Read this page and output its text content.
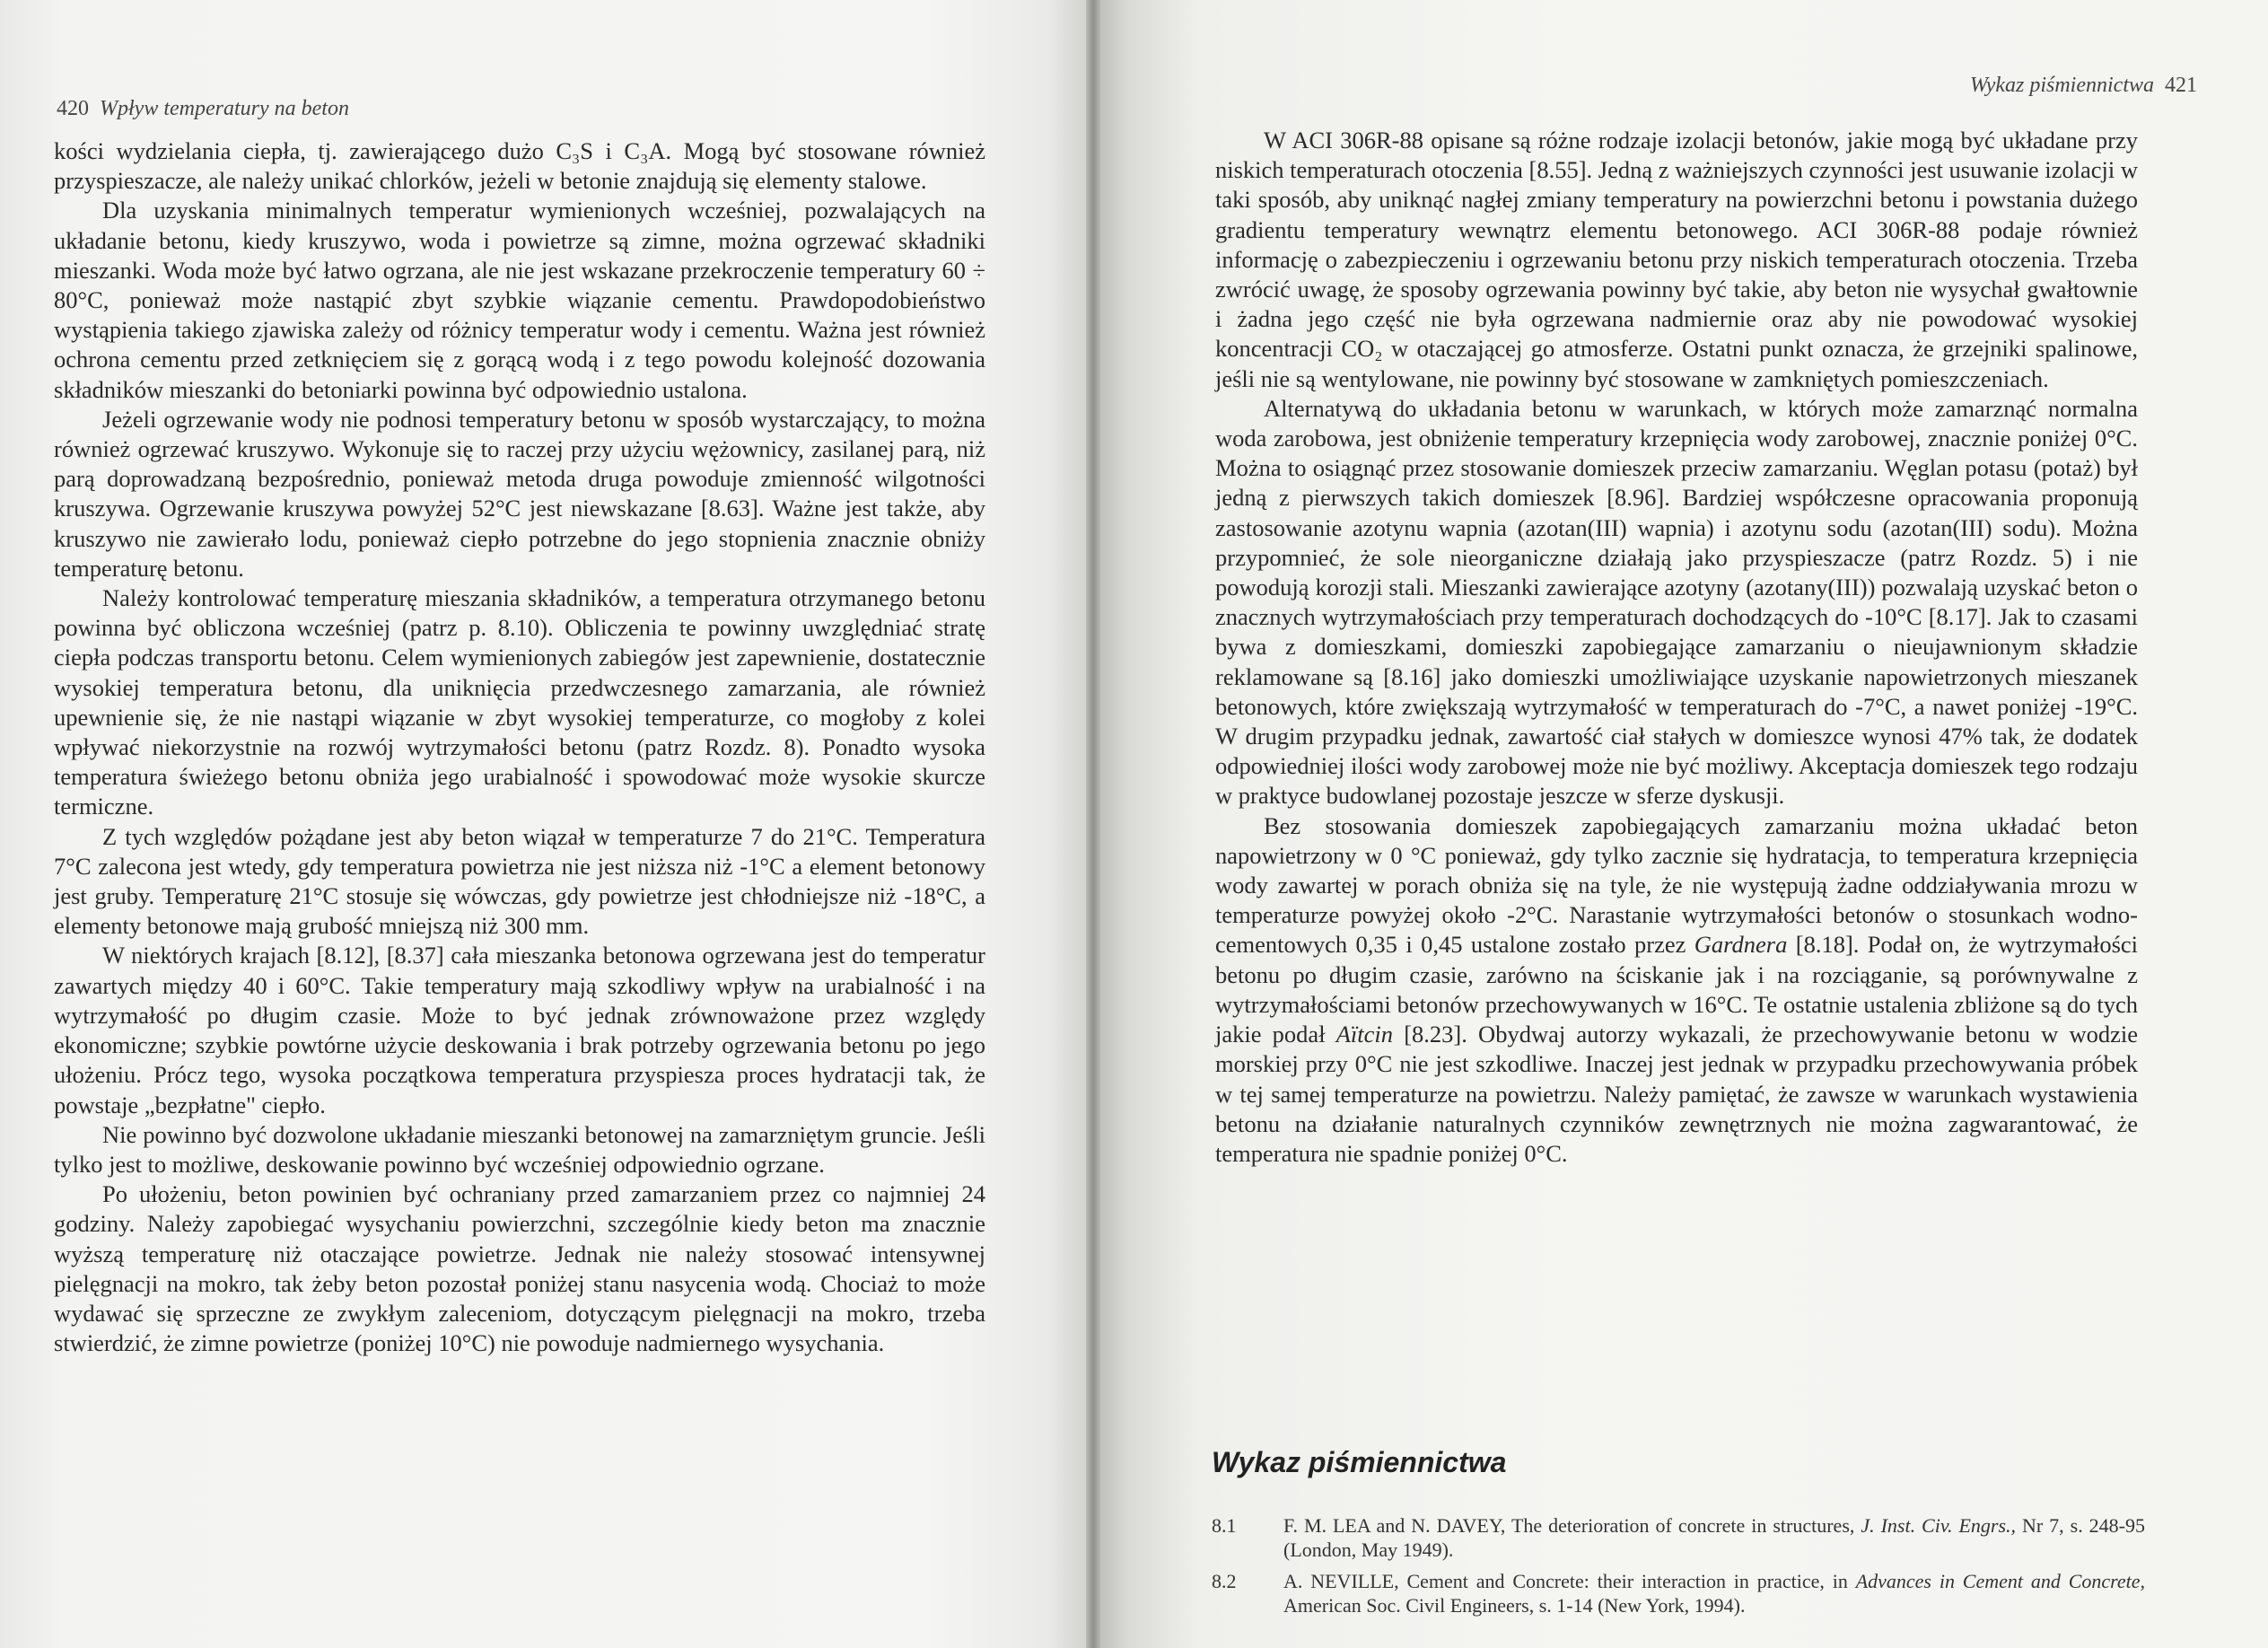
420 Wpływ temperatury na beton

kości wydzielania ciepła, tj. zawierającego dużo C₃S i C₃A. Mogą być stosowane również przyspieszacze, ale należy unikać chlorków, jeżeli w betonie znajdują się elementy stalowe.

Dla uzyskania minimalnych temperatur wymienionych wcześniej, pozwalających na układanie betonu, kiedy kruszywo, woda i powietrze są zimne, można ogrzewać składniki mieszanki. Woda może być łatwo ogrzana, ale nie jest wskazane przekroczenie temperatury 60 ÷ 80°C, ponieważ może nastąpić zbyt szybkie wiązanie cementu. Prawdopodobieństwo wystąpienia takiego zjawiska zależy od różnicy temperatur wody i cementu. Ważna jest również ochrona cementu przed zetknięciem się z gorącą wodą i z tego powodu kolejność dozowania składników mieszanki do betoniarki powinna być odpowiednio ustalona.

Jeżeli ogrzewanie wody nie podnosi temperatury betonu w sposób wystarczający, to można również ogrzewać kruszywo. Wykonuje się to raczej przy użyciu wężownicy, zasilanej parą, niż parą doprowadzaną bezpośrednio, ponieważ metoda druga powoduje zmienność wilgotności kruszywa. Ogrzewanie kruszywa powyżej 52°C jest niewskazane [8.63]. Ważne jest także, aby kruszywo nie zawierało lodu, ponieważ ciepło potrzebne do jego stopnienia znacznie obniży temperaturę betonu.

Należy kontrolować temperaturę mieszania składników, a temperatura otrzymanego betonu powinna być obliczona wcześniej (patrz p. 8.10). Obliczenia te powinny uwzględniać stratę ciepła podczas transportu betonu. Celem wymienionych zabiegów jest zapewnienie, dostatecznie wysokiej temperatura betonu, dla uniknięcia przedwczesnego zamarzania, ale również upewnienie się, że nie nastąpi wiązanie w zbyt wysokiej temperaturze, co mogłoby z kolei wpływać niekorzystnie na rozwój wytrzymałości betonu (patrz Rozdz. 8). Ponadto wysoka temperatura świeżego betonu obniża jego urabialność i spowodować może wysokie skurcze termiczne.

Z tych względów pożądane jest aby beton wiązał w temperaturze 7 do 21°C. Temperatura 7°C zalecona jest wtedy, gdy temperatura powietrza nie jest niższa niż -1°C a element betonowy jest gruby. Temperaturę 21°C stosuje się wówczas, gdy powietrze jest chłodniejsze niż -18°C, a elementy betonowe mają grubość mniejszą niż 300 mm.

W niektórych krajach [8.12], [8.37] cała mieszanka betonowa ogrzewana jest do temperatur zawartych między 40 i 60°C. Takie temperatury mają szkodliwy wpływ na urabialność i na wytrzymałość po długim czasie. Może to być jednak zrównoważone przez względy ekonomiczne; szybkie powtórne użycie deskowania i brak potrzeby ogrzewania betonu po jego ułożeniu. Prócz tego, wysoka początkowa temperatura przyspiesza proces hydratacji tak, że powstaje „bezpłatne" ciepło.

Nie powinno być dozwolone układanie mieszanki betonowej na zamarzniętym gruncie. Jeśli tylko jest to możliwe, deskowanie powinno być wcześniej odpowiednio ogrzane.

Po ułożeniu, beton powinien być ochraniany przed zamarzaniem przez co najmniej 24 godziny. Należy zapobiegać wysychaniu powierzchni, szczególnie kiedy beton ma znacznie wyższą temperaturę niż otaczające powietrze. Jednak nie należy stosować intensywnej pielęgnacji na mokro, tak żeby beton pozostał poniżej stanu nasycenia wodą. Chociaż to może wydawać się sprzeczne ze zwykłym zaleceniom, dotyczącym pielęgnacji na mokro, trzeba stwierdzić, że zimne powietrze (poniżej 10°C) nie powoduje nadmiernego wysychania.

Wykaz piśmiennictwa 421

W ACI 306R-88 opisane są różne rodzaje izolacji betonów, jakie mogą być układane przy niskich temperaturach otoczenia [8.55]. Jedną z ważniejszych czynności jest usuwanie izolacji w taki sposób, aby uniknąć nagłej zmiany temperatury na powierzchni betonu i powstania dużego gradientu temperatury wewnątrz elementu betonowego. ACI 306R-88 podaje również informację o zabezpieczeniu i ogrzewaniu betonu przy niskich temperaturach otoczenia. Trzeba zwrócić uwagę, że sposoby ogrzewania powinny być takie, aby beton nie wysychał gwałtownie i żadna jego część nie była ogrzewana nadmiernie oraz aby nie powodować wysokiej koncentracji CO₂ w otaczającej go atmosferze. Ostatni punkt oznacza, że grzejniki spalinowe, jeśli nie są wentylowane, nie powinny być stosowane w zamkniętych pomieszczeniach.

Alternatywą do układania betonu w warunkach, w których może zamarznąć normalna woda zarobowa, jest obniżenie temperatury krzepnięcia wody zarobowej, znacznie poniżej 0°C. Można to osiągnąć przez stosowanie domieszek przeciw zamarzaniu. Węglan potasu (potaż) był jedną z pierwszych takich domieszek [8.96]. Bardziej współczesne opracowania proponują zastosowanie azotynu wapnia (azotan(III) wapnia) i azotynu sodu (azotan(III) sodu). Można przypomnieć, że sole nieorganiczne działają jako przyspieszacze (patrz Rozdz. 5) i nie powodują korozji stali. Mieszanki zawierające azotyny (azotany(III)) pozwalają uzyskać beton o znacznych wytrzymałościach przy temperaturach dochodzących do -10°C [8.17]. Jak to czasami bywa z domieszkami, domieszki zapobiegające zamarzaniu o nieujawnionym składzie reklamowane są [8.16] jako domieszki umożliwiające uzyskanie napowietrzonych mieszanek betonowych, które zwiększają wytrzymałość w temperaturach do -7°C, a nawet poniżej -19°C. W drugim przypadku jednak, zawartość ciał stałych w domieszce wynosi 47% tak, że dodatek odpowiedniej ilości wody zarobowej może nie być możliwy. Akceptacja domieszek tego rodzaju w praktyce budowlanej pozostaje jeszcze w sferze dyskusji.

Bez stosowania domieszek zapobiegających zamarzaniu można układać beton napowietrzony w 0 °C ponieważ, gdy tylko zacznie się hydratacja, to temperatura krzepnięcia wody zawartej w porach obniża się na tyle, że nie występują żadne oddziaływania mrozu w temperaturze powyżej około -2°C. Narastanie wytrzymałości betonów o stosunkach wodno-cementowych 0,35 i 0,45 ustalone zostało przez Gardnera [8.18]. Podał on, że wytrzymałości betonu po długim czasie, zarówno na ściskanie jak i na rozciąganie, są porównywalne z wytrzymałościami betonów przechowywanych w 16°C. Te ostatnie ustalenia zbliżone są do tych jakie podał Aïtcin [8.23]. Obydwaj autorzy wykazali, że przechowywanie betonu w wodzie morskiej przy 0°C nie jest szkodliwe. Inaczej jest jednak w przypadku przechowywania próbek w tej samej temperaturze na powietrzu. Należy pamiętać, że zawsze w warunkach wystawienia betonu na działanie naturalnych czynników zewnętrznych nie można zagwarantować, że temperatura nie spadnie poniżej 0°C.

Wykaz piśmiennictwa
8.1 F. M. LEA and N. DAVEY, The deterioration of concrete in structures, J. Inst. Civ. Engrs., Nr 7, s. 248-95 (London, May 1949).
8.2 A. NEVILLE, Cement and Concrete: their interaction in practice, in Advances in Cement and Concrete, American Soc. Civil Engineers, s. 1-14 (New York, 1994).
